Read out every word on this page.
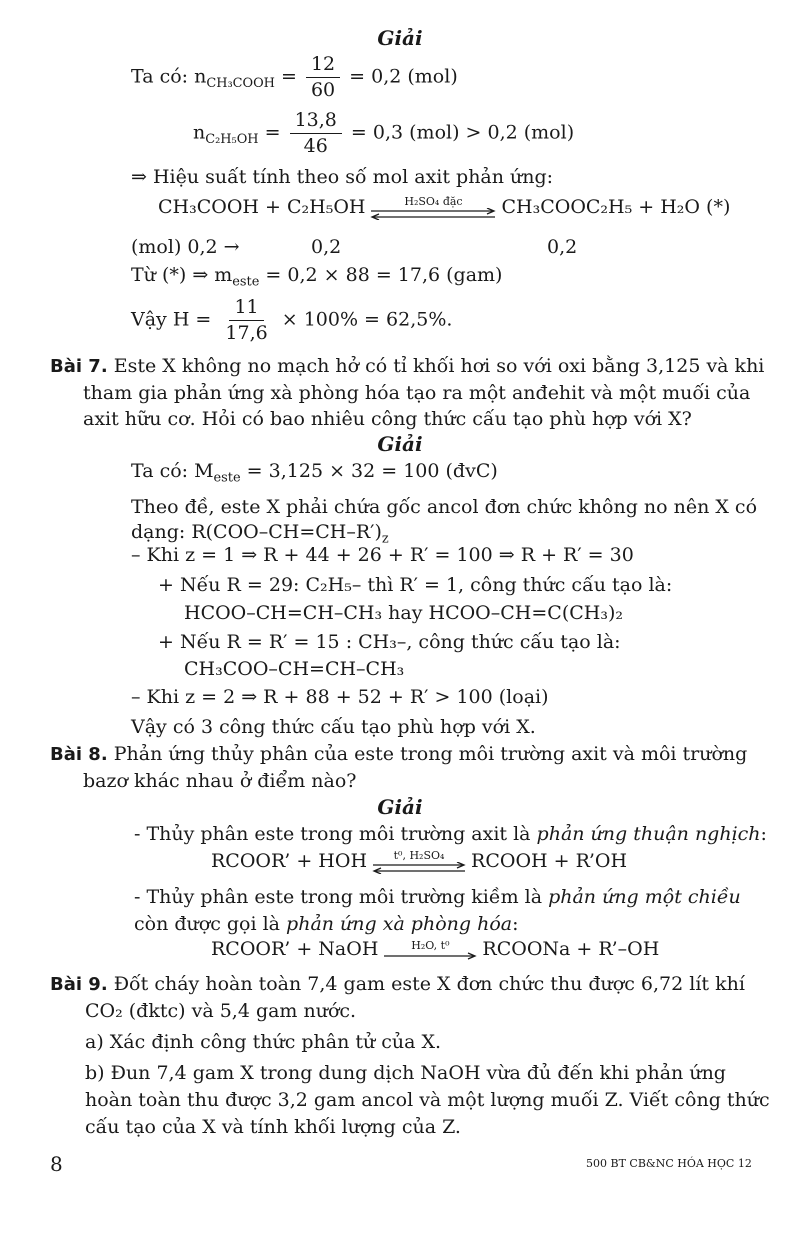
Giải
Ta có: $n_{CH_3COOH} = \frac{12}{60} = 0,2$ (mol)
$n_{C_2H_5OH} = \frac{13,8}{46} = 0,3$ (mol) > 0,2 (mol)
⇒ Hiệu suất tính theo số mol axit phản ứng:
CH₃COOH + C₂H₅OH	H₂SO₄ đặc CH₃COOC₂H₅ + H₂O (*)
(mol) 0,2 →	0,2	0,2
Từ (*) ⇒ $m_{este} = 0,2 \times 88 = 17,6$ (gam)
Vậy $H = \frac{11}{17,6} \times 100\% = 62,5\%$.
Bài 7. Este X không no mạch hở có tỉ khối hơi so với oxi bằng 3,125 và khi
tham gia phản ứng xà phòng hóa tạo ra một anđehit và một muối của
axit hữu cơ. Hỏi có bao nhiêu công thức cấu tạo phù hợp với X?
Giải
Ta có: $M_{este} = 3,125 \times 32 = 100$ (đvC)
Theo đề, este X phải chứa gốc ancol đơn chức không no nên X có
dạng: $R(COO-CH=CH-R')_z$
– Khi z = 1 ⇒ R + 44 + 26 + R′ = 100 ⇒ R + R′ = 30
+ Nếu R = 29: C₂H₅– thì R′ = 1, công thức cấu tạo là:
HCOO–CH=CH–CH₃ hay HCOO–CH=C(CH₃)₂
+ Nếu R = R′ = 15 : CH₃–, công thức cấu tạo là:
CH₃COO–CH=CH–CH₃
– Khi z = 2 ⇒ R + 88 + 52 + R′ > 100 (loại)
Vậy có 3 công thức cấu tạo phù hợp với X.
Bài 8. Phản ứng thủy phân của este trong môi trường axit và môi trường
bazơ khác nhau ở điểm nào?
Giải
- Thủy phân este trong môi trường axit là phản ứng thuận nghịch:
RCOOR’ + HOH t⁰, H₂SO₄ RCOOH + R’OH
- Thủy phân este trong môi trường kiềm là phản ứng một chiều
còn được gọi là phản ứng xà phòng hóa:
RCOOR’ + NaOH	H₂O, t⁰ RCOONa + R’–OH
Bài 9. Đốt cháy hoàn toàn 7,4 gam este X đơn chức thu được 6,72 lít khí
CO₂ (đktc) và 5,4 gam nước.
a) Xác định công thức phân tử của X.
b) Đun 7,4 gam X trong dung dịch NaOH vừa đủ đến khi phản ứng
hoàn toàn thu được 3,2 gam ancol và một lượng muối Z. Viết công thức
cấu tạo của X và tính khối lượng của Z.
8	500 BT CB&NC HÓA HỌC 12
